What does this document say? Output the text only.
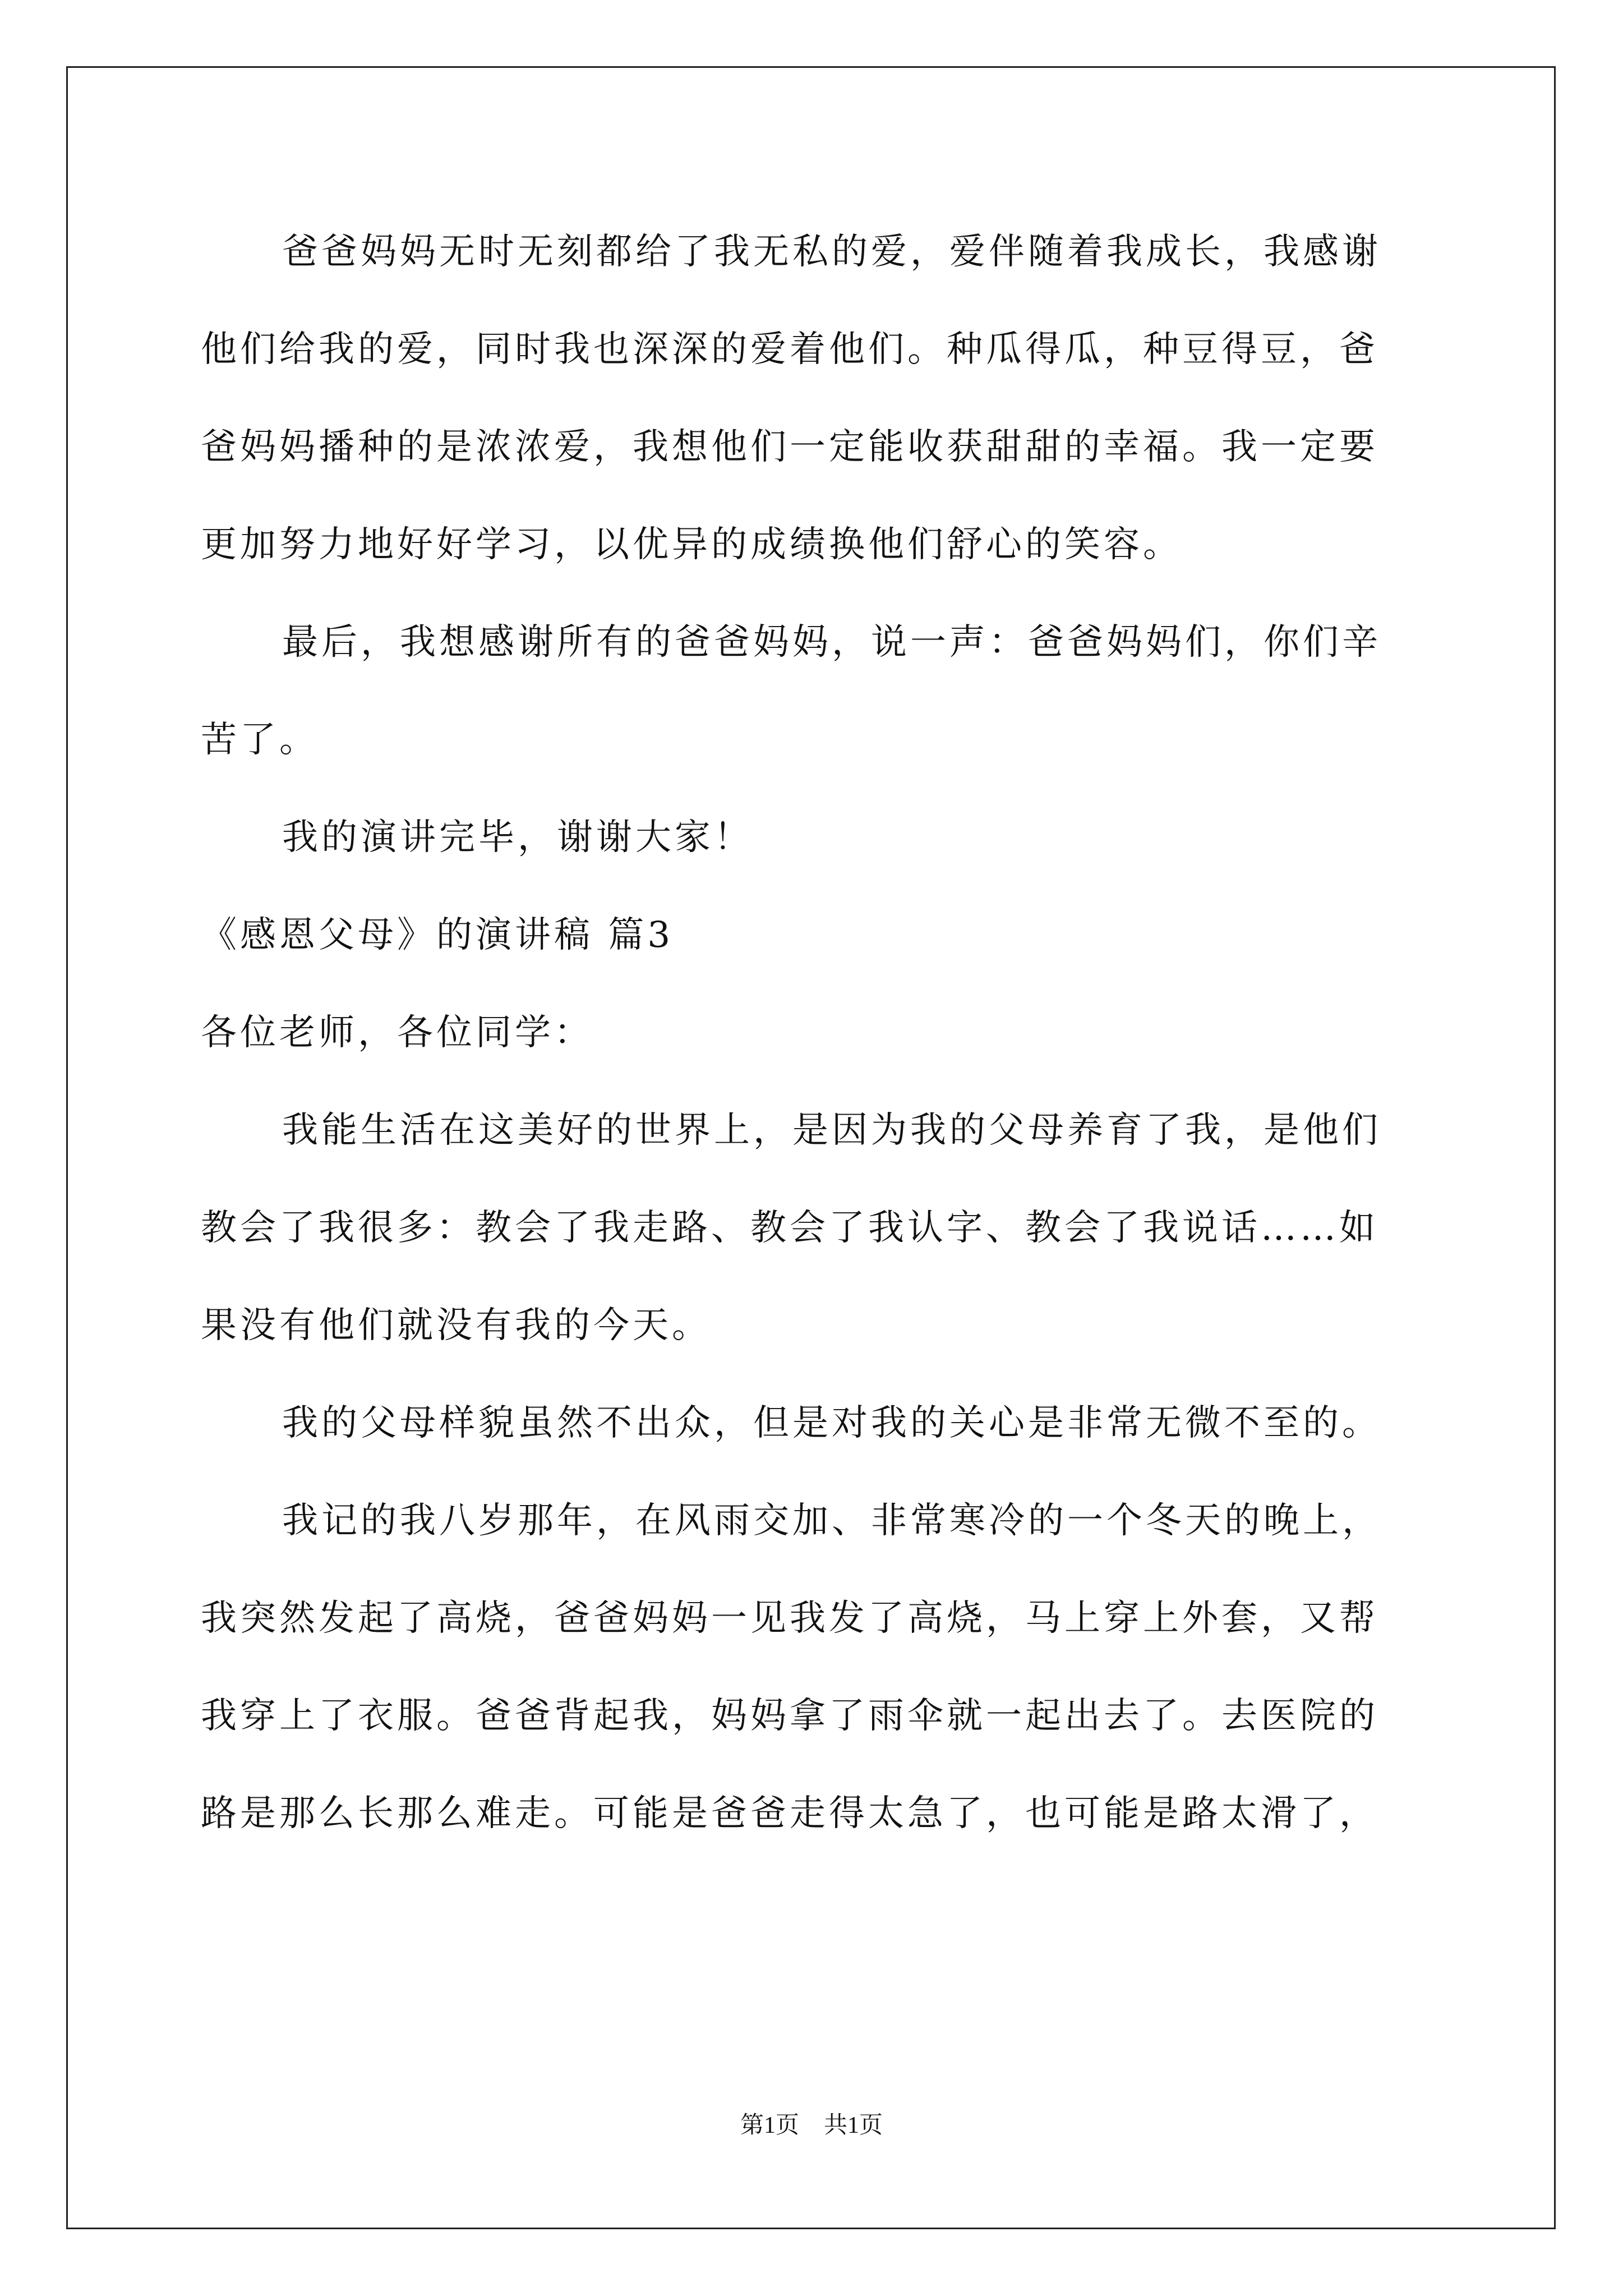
爸爸妈妈无时无刻都给了我无私的爱，爱伴随着我成长，我感谢
他们给我的爱，同时我也深深的爱着他们。种瓜得瓜，种豆得豆，爸
爸妈妈播种的是浓浓爱，我想他们一定能收获甜甜的幸福。我一定要
更加努力地好好学习，以优异的成绩换他们舒心的笑容。
最后，我想感谢所有的爸爸妈妈，说一声：爸爸妈妈们，你们辛
苦了。
我的演讲完毕，谢谢大家！
《感恩父母》的演讲稿 篇3
各位老师，各位同学：
我能生活在这美好的世界上，是因为我的父母养育了我，是他们
教会了我很多：教会了我走路、教会了我认字、教会了我说话……如
果没有他们就没有我的今天。
我的父母样貌虽然不出众，但是对我的关心是非常无微不至的。
我记的我八岁那年，在风雨交加、非常寒冷的一个冬天的晚上，
我突然发起了高烧，爸爸妈妈一见我发了高烧，马上穿上外套，又帮
我穿上了衣服。爸爸背起我，妈妈拿了雨伞就一起出去了。去医院的
路是那么长那么难走。可能是爸爸走得太急了，也可能是路太滑了，
第1页 共1页
